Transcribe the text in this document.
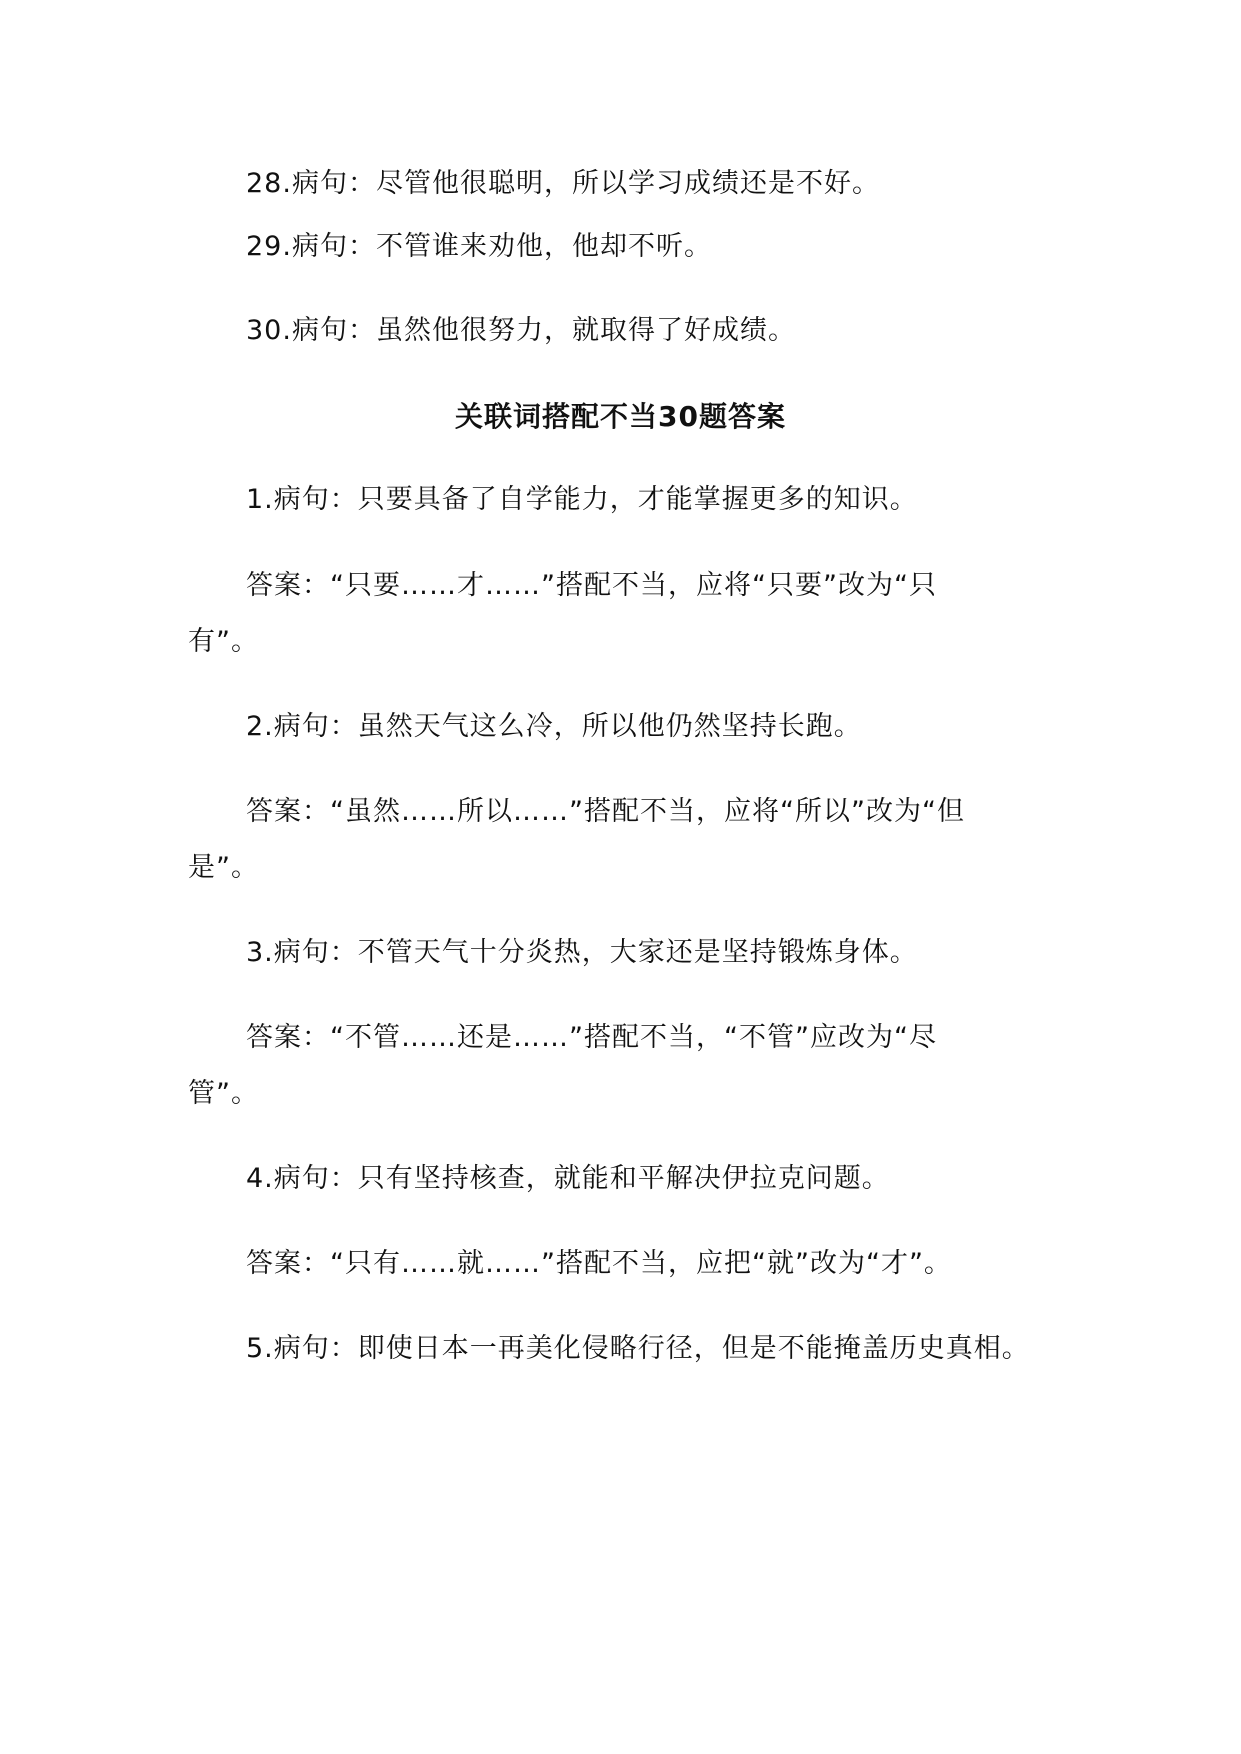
28.病句：尽管他很聪明，所以学习成绩还是不好。
29.病句：不管谁来劝他，他却不听。
30.病句：虽然他很努力，就取得了好成绩。
关联词搭配不当30题答案
1.病句：只要具备了自学能力，才能掌握更多的知识。
答案：“只要……才……”搭配不当，应将“只要”改为“只
有”。
2.病句：虽然天气这么冷，所以他仍然坚持长跑。
答案：“虽然……所以……”搭配不当，应将“所以”改为“但
是”。
3.病句：不管天气十分炎热，大家还是坚持锻炼身体。
答案：“不管……还是……”搭配不当，“不管”应改为“尽
管”。
4.病句：只有坚持核查，就能和平解决伊拉克问题。
答案：“只有……就……”搭配不当，应把“就”改为“才”。
5.病句：即使日本一再美化侵略行径，但是不能掩盖历史真相。
